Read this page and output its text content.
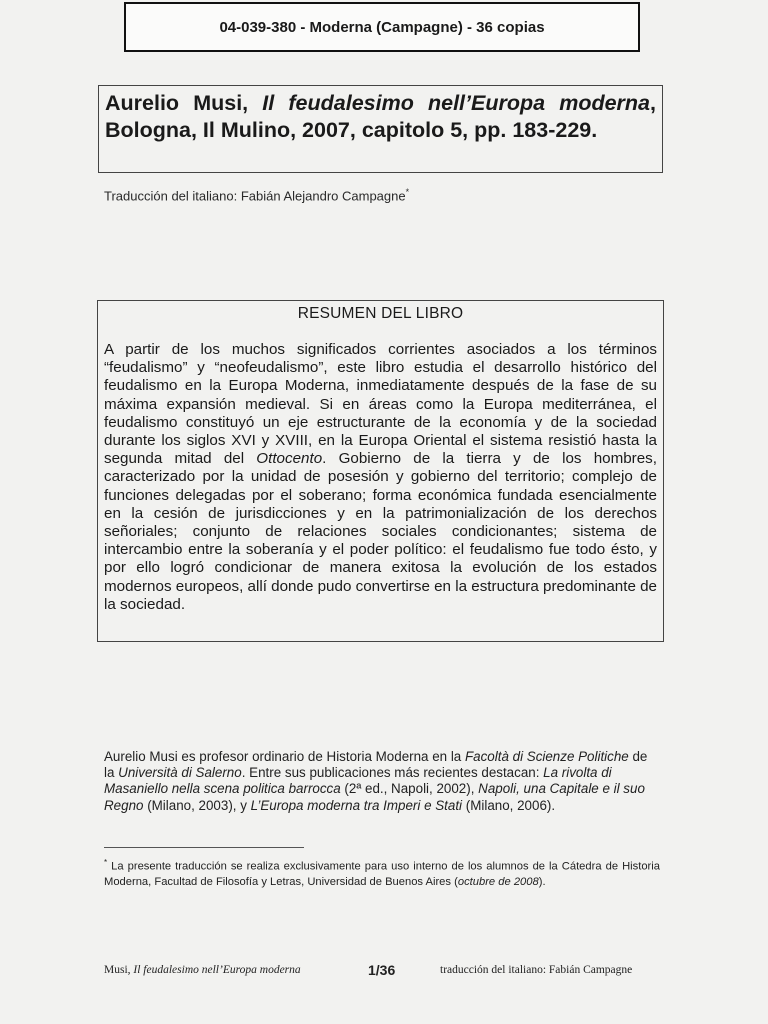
04-039-380 - Moderna (Campagne) - 36 copias
Aurelio Musi, Il feudalesimo nell’Europa moderna, Bologna, Il Mulino, 2007, capitolo 5, pp. 183-229.
Traducción del italiano: Fabián Alejandro Campagne*
RESUMEN DEL LIBRO
A partir de los muchos significados corrientes asociados a los términos “feudalismo” y “neofeudalismo”, este libro estudia el desarrollo histórico del feudalismo en la Europa Moderna, inmediatamente después de la fase de su máxima expansión medieval. Si en áreas como la Europa mediterránea, el feudalismo constituyó un eje estructurante de la economía y de la sociedad durante los siglos XVI y XVIII, en la Europa Oriental el sistema resistió hasta la segunda mitad del Ottocento. Gobierno de la tierra y de los hombres, caracterizado por la unidad de posesión y gobierno del territorio; complejo de funciones delegadas por el soberano; forma económica fundada esencialmente en la cesión de jurisdicciones y en la patrimonialización de los derechos señoriales; conjunto de relaciones sociales condicionantes; sistema de intercambio entre la soberanía y el poder político: el feudalismo fue todo ésto, y por ello logró condicionar de manera exitosa la evolución de los estados modernos europeos, allí donde pudo convertirse en la estructura predominante de la sociedad.
Aurelio Musi es profesor ordinario de Historia Moderna en la Facoltà di Scienze Politiche de la Università di Salerno. Entre sus publicaciones más recientes destacan: La rivolta di Masaniello nella scena politica barrocca (2ª ed., Napoli, 2002), Napoli, una Capitale e il suo Regno (Milano, 2003), y L’Europa moderna tra Imperi e Stati (Milano, 2006).
* La presente traducción se realiza exclusivamente para uso interno de los alumnos de la Cátedra de Historia Moderna, Facultad de Filosofía y Letras, Universidad de Buenos Aires (octubre de 2008).
Musi, Il feudalesimo nell’Europa moderna	1/36	traducción del italiano: Fabián Campagne
